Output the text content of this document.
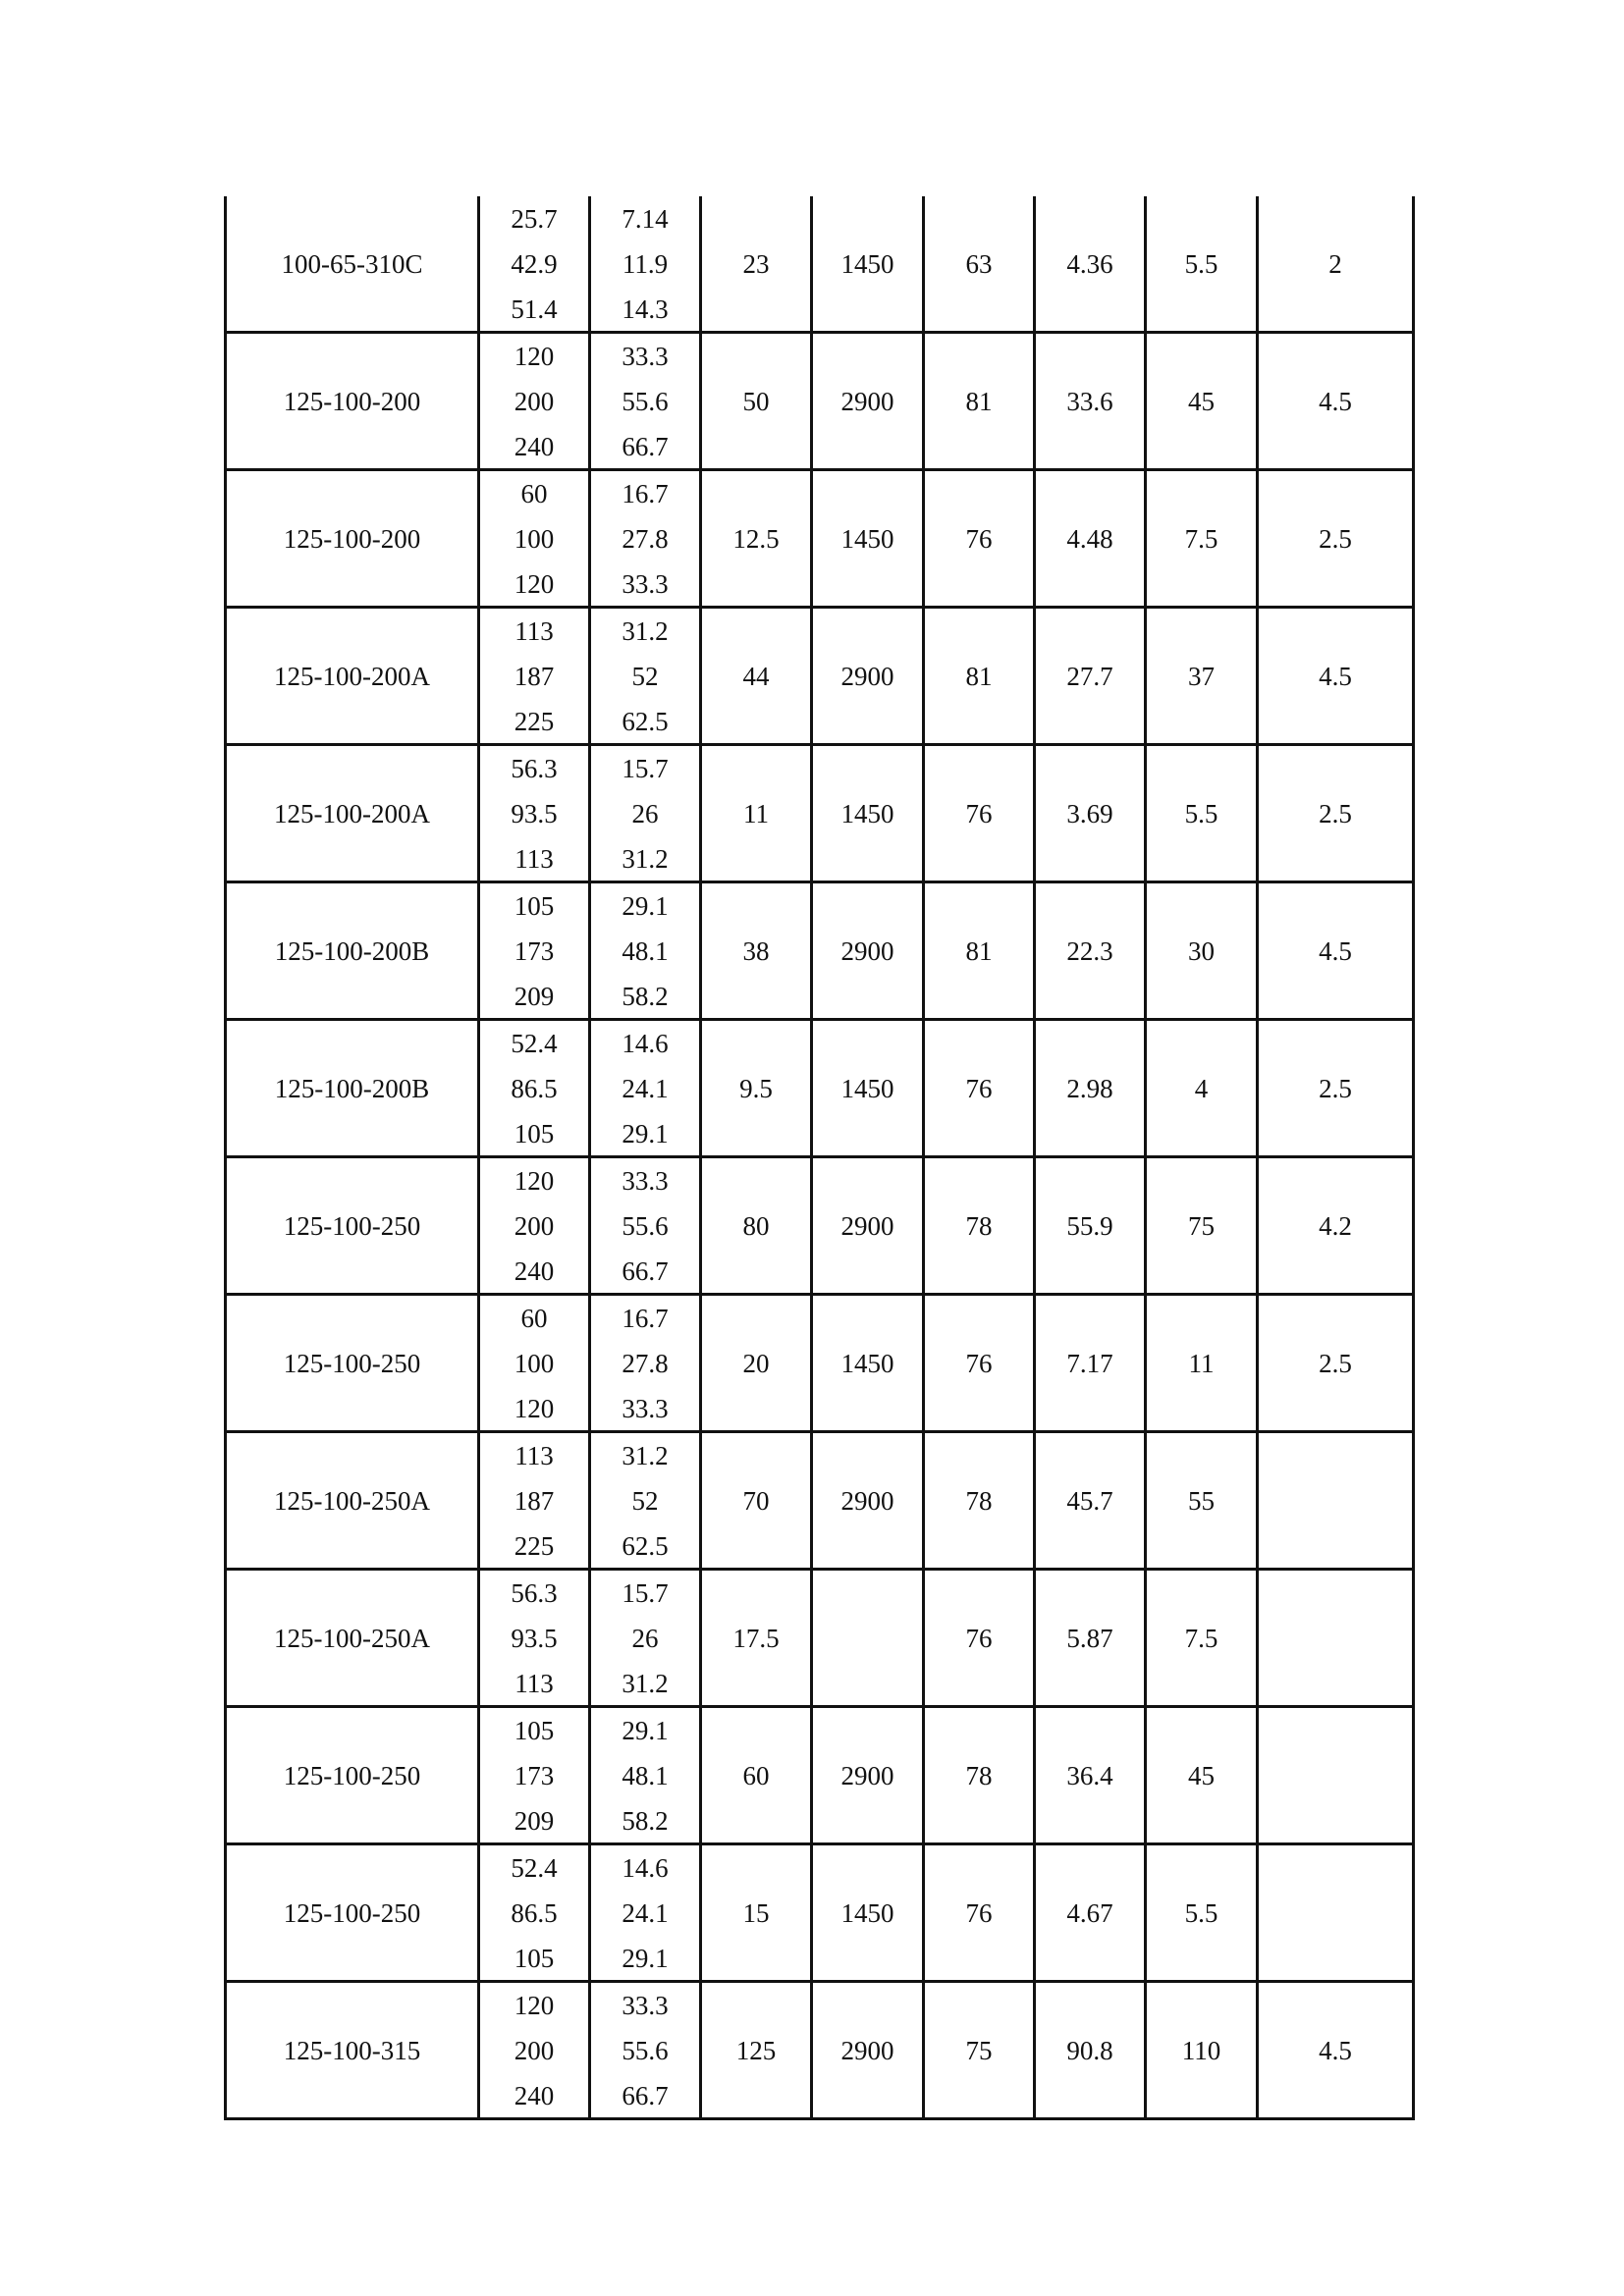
100-65-310C	25.7
42.9
51.4	7.14
11.9
14.3	23	1450	63	4.36	5.5	2
125-100-200	120
200
240	33.3
55.6
66.7	50	2900	81	33.6	45	4.5
125-100-200	60
100
120	16.7
27.8
33.3	12.5	1450	76	4.48	7.5	2.5
125-100-200A	113
187
225	31.2
52
62.5	44	2900	81	27.7	37	4.5
125-100-200A	56.3
93.5
113	15.7
26
31.2	11	1450	76	3.69	5.5	2.5
125-100-200B	105
173
209	29.1
48.1
58.2	38	2900	81	22.3	30	4.5
125-100-200B	52.4
86.5
105	14.6
24.1
29.1	9.5	1450	76	2.98	4	2.5
125-100-250	120
200
240	33.3
55.6
66.7	80	2900	78	55.9	75	4.2
125-100-250	60
100
120	16.7
27.8
33.3	20	1450	76	7.17	11	2.5
125-100-250A	113
187
225	31.2
52
62.5	70	2900	78	45.7	55	
125-100-250A	56.3
93.5
113	15.7
26
31.2	17.5		76	5.87	7.5	
125-100-250	105
173
209	29.1
48.1
58.2	60	2900	78	36.4	45	
125-100-250	52.4
86.5
105	14.6
24.1
29.1	15	1450	76	4.67	5.5	
125-100-315	120
200
240	33.3
55.6
66.7	125	2900	75	90.8	110	4.5
